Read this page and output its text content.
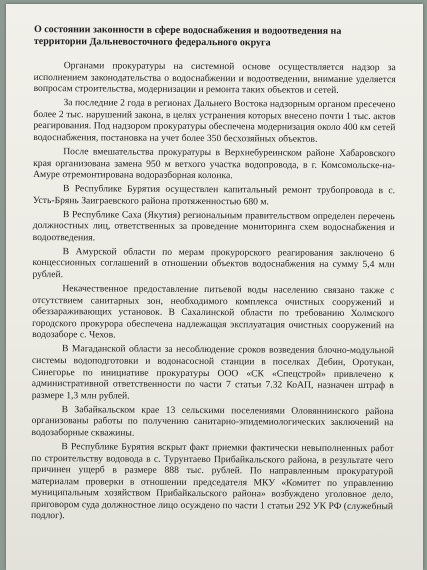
О состоянии законности в сфере водоснабжения и водоотведения на территории Дальневосточного федерального округа

Органами прокуратуры на системной основе осуществляется надзор за исполнением законодательства о водоснабжении и водоотведении, внимание уделяется вопросам строительства, модернизации и ремонта таких объектов и сетей.

За последние 2 года в регионах Дальнего Востока надзорным органом пресечено более 2 тыс. нарушений закона, в целях устранения которых внесено почти 1 тыс. актов реагирования. Под надзором прокуратуры обеспечена модернизация около 400 км сетей водоснабжения, постановка на учет более 350 бесхозяйных объектов.

После вмешательства прокуратуры в Верхнебуреинском районе Хабаровского края организована замена 950 м ветхого участка водопровода, в г. Комсомольске-на-Амуре отремонтирована водоразборная колонка.

В Республике Бурятия осуществлен капитальный ремонт трубопровода в с. Усть-Брянь Заиграевского района протяженностью 680 м.

В Республике Саха (Якутия) региональным правительством определен перечень должностных лиц, ответственных за проведение мониторинга схем водоснабжения и водоотведения.

В Амурской области по мерам прокурорского реагирования заключено 6 концессионных соглашений в отношении объектов водоснабжения на сумму 5,4 млн рублей.

Некачественное предоставление питьевой воды населению связано также с отсутствием санитарных зон, необходимого комплекса очистных сооружений и обеззараживающих установок. В Сахалинской области по требованию Холмского городского прокурора обеспечена надлежащая эксплуатация очистных сооружений на водозаборе с. Чехов.

В Магаданской области за несоблюдение сроков возведения блочно-модульной системы водоподготовки и водонасосной станции в поселках Дебин, Оротукан, Синегорье по инициативе прокуратуры ООО «СК «Спецстрой» привлечено к административной ответственности по части 7 статьи 7.32 КоАП, назначен штраф в размере 1,3 млн рублей.

В Забайкальском крае 13 сельскими поселениями Оловяннинского района организованы работы по получению санитарно-эпидемиологических заключений на водозаборные скважины.

В Республике Бурятия вскрыт факт приемки фактически невыполненных работ по строительству водовода в с. Турунтаево Прибайкальского района, в результате чего причинен ущерб в размере 888 тыс. рублей. По направленным прокуратурой материалам проверки в отношении председателя МКУ «Комитет по управлению муниципальным хозяйством Прибайкальского района» возбуждено уголовное дело, приговором суда должностное лицо осуждено по части 1 статьи 292 УК РФ (служебный подлог).
